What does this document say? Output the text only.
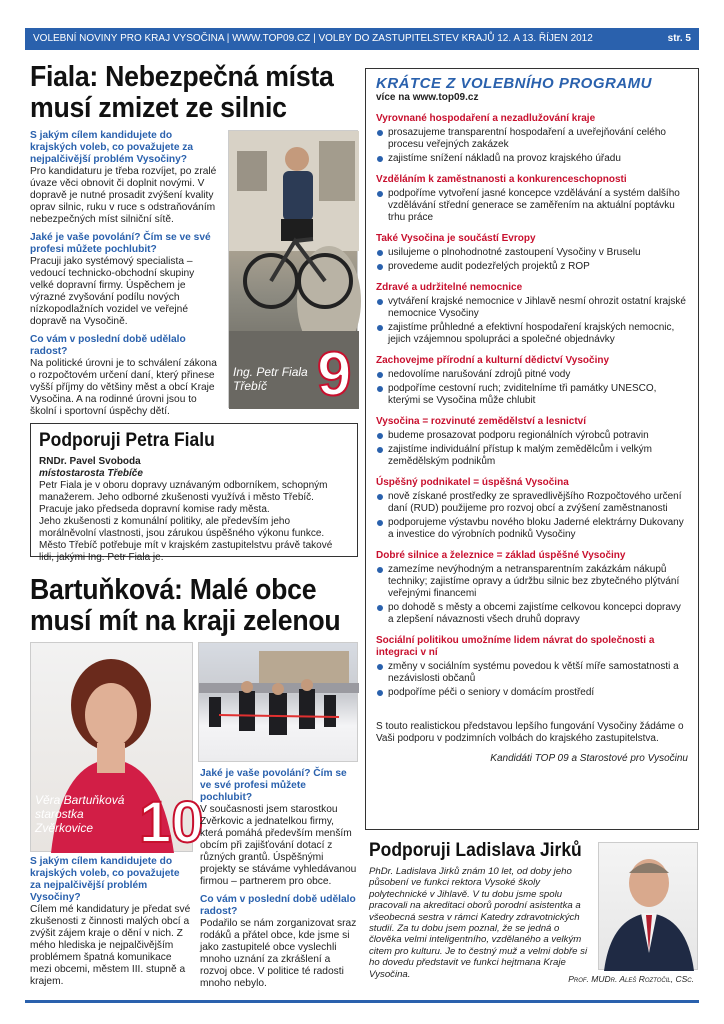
VOLEBNÍ NOVINY PRO KRAJ VYSOČINA | WWW.TOP09.CZ | VOLBY DO ZASTUPITELSTEV KRAJŮ 12. A 13. ŘÍJEN 2012	str. 5
Fiala: Nebezpečná místa musí zmizet ze silnic
S jakým cílem kandidujete do krajských voleb, co považujete za nejpalčivější problém Vysočiny?
Pro kandidaturu je třeba rozvíjet, po zralé úvaze věci obnovit či doplnit novými. V dopravě je nutné prosadit zvýšení kvality oprav silnic, ruku v ruce s odstraňováním nebezpečných míst silniční sítě.
Jaké je vaše povolání? Čím se ve své profesi můžete pochlubit?
Pracuji jako systémový specialista – vedoucí technicko-obchodní skupiny velké dopravní firmy. Úspěchem je výrazné zvyšování podílu nových nízkopodlažních vozidel ve veřejné dopravě na Vysočině.
Co vám v poslední době udělalo radost?
Na politické úrovni je to schválení zákona o rozpočtovém určení daní, který přinese vyšší příjmy do většiny měst a obcí Kraje Vysočina. A na rodinné úrovni jsou to školní i sportovní úspěchy dětí.
Ing. Petr Fiala
Třebíč 9
Podporuji Petra Fialu
RNDr. Pavel Svoboda
místostarosta Třebíče
Petr Fiala je v oboru dopravy uznávaným odborníkem, schopným manažerem. Jeho odborné zkušenosti využívá i město Třebíč. Pracuje jako předseda dopravní komise rady města.
Jeho zkušenosti z komunální politiky, ale především jeho morálněvolní vlastnosti, jsou zárukou úspěšného výkonu funkce. Město Třebíč potřebuje mít v krajském zastupitelstvu právě takové lidi, jakými Ing. Petr Fiala je.
Bartuňková: Malé obce musí mít na kraji zelenou
Věra Bartuňková
starostka
Zvěrkovice 10
S jakým cílem kandidujete do krajských voleb, co považujete za nejpalčivější problém Vysočiny?
Cílem mé kandidatury je předat své zkušenosti z činnosti malých obcí a zvýšit zájem kraje o dění v nich. Z mého hlediska je nejpalčivějším problémem špatná komunikace mezi obcemi, městem III. stupně a krajem.
Jaké je vaše povolání? Čím se ve své profesi můžete pochlubit?
V současnosti jsem starostkou Zvěrkovic a jednatelkou firmy, která pomáhá především menším obcím při zajišťování dotací z různých grantů. Úspěšnými projekty se stáváme vyhledávanou firmou – partnerem pro obce.
Co vám v poslední době udělalo radost?
Podařilo se nám zorganizovat sraz rodáků a přátel obce, kde jsme si jako zastupitelé obce vyslechli mnoho uznání za zkrášlení a rozvoj obce. V politice té radosti mnoho nebylo.
KRÁTCE Z VOLEBNÍHO PROGRAMU
více na www.top09.cz
Vyrovnané hospodaření a nezadlužování kraje
prosazujeme transparentní hospodaření a uveřejňování celého procesu veřejných zakázek
zajistíme snížení nákladů na provoz krajského úřadu
Vzděláním k zaměstnanosti a konkurenceschopnosti
podpoříme vytvoření jasné koncepce vzdělávání a systém dalšího vzdělávání střední generace se zaměřením na aktuální poptávku trhu práce
Také Vysočina je součástí Evropy
usilujeme o plnohodnotné zastoupení Vysočiny v Bruselu
provedeme audit podezřelých projektů z ROP
Zdravé a udržitelné nemocnice
vytváření krajské nemocnice v Jihlavě nesmí ohrozit ostatní krajské nemocnice Vysočiny
zajistíme průhledné a efektivní hospodaření krajských nemocnic, jejich vzájemnou spolupráci a společné objednávky
Zachovejme přírodní a kulturní dědictví Vysočiny
nedovolíme narušování zdrojů pitné vody
podpoříme cestovní ruch; zviditelníme tři památky UNESCO, kterými se Vysočina může chlubit
Vysočina = rozvinuté zemědělství a lesnictví
budeme prosazovat podporu regionálních výrobců potravin
zajistíme individuální přístup k malým zemědělcům i velkým zemědělským podnikům
Úspěšný podnikatel = úspěšná Vysočina
nově získané prostředky ze spravedlivějšího Rozpočtového určení daní (RUD) použijeme pro rozvoj obcí a zvýšení zaměstnanosti
podporujeme výstavbu nového bloku Jaderné elektrárny Dukovany a investice do výrobních podniků Vysočiny
Dobré silnice a železnice = základ úspěšné Vysočiny
zamezíme nevýhodným a netransparentním zakázkám nákupů techniky; zajistíme opravy a údržbu silnic bez zbytečného plýtvání veřejnými financemi
po dohodě s městy a obcemi zajistíme celkovou koncepci dopravy a zlepšení návaznosti všech druhů dopravy
Sociální politikou umožníme lidem návrat do společnosti a integraci v ní
změny v sociálním systému povedou k větší míře samostatnosti a nezávislosti občanů
podpoříme péči o seniory v domácím prostředí
S touto realistickou představou lepšího fungování Vysočiny žádáme o Vaši podporu v podzimních volbách do krajského zastupitelstva.
Kandidáti TOP 09 a Starostové pro Vysočinu
Podporuji Ladislava Jirků
PhDr. Ladislava Jirků znám 10 let, od doby jeho působení ve funkci rektora Vysoké školy polytechnické v Jihlavě. V tu dobu jsme spolu pracovali na akreditaci oborů porodní asistentka a všeobecná sestra v rámci Katedry zdravotnických studií. Za tu dobu jsem poznal, že se jedná o člověka velmi inteligentního, vzdělaného a velkým citem pro kulturu. Je to čestný muž a velmi dobře si ho dovedu představit ve funkci hejtmana Kraje Vysočina.	Prof. MUDr. Aleš Roztočil, CSc.
